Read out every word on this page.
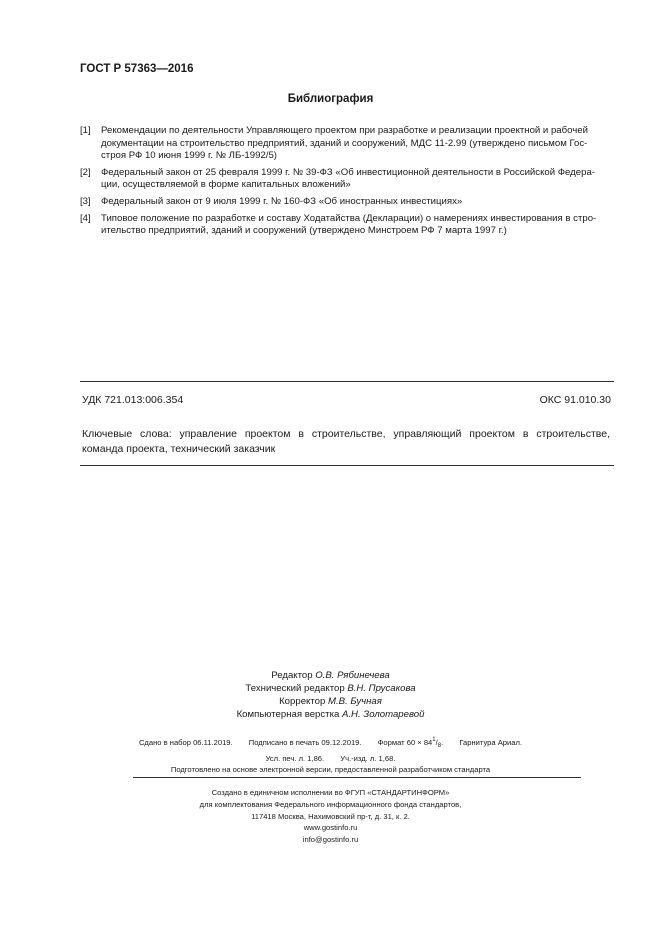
ГОСТ Р 57363—2016
Библиография
[1]	Рекомендации по деятельности Управляющего проектом при разработке и реализации проектной и рабочей
документации на строительство предприятий, зданий и сооружений, МДС 11-2.99 (утверждено письмом Гос-
строя РФ 10 июня 1999 г. № ЛБ-1992/5)
[2]	Федеральный закон от 25 февраля 1999 г. № 39-ФЗ «Об инвестиционной деятельности в Российской Федера-
ции, осуществляемой в форме капитальных вложений»
[3]	Федеральный закон от 9 июля 1999 г. № 160-ФЗ «Об иностранных инвестициях»
[4]	Типовое положение по разработке и составу Ходатайства (Декларации) о намерениях инвестирования в стро-
ительство предприятий, зданий и сооружений (утверждено Минстроем РФ 7 марта 1997 г.)
УДК 721.013:006.354	ОКС 91.010.30
Ключевые слова: управление проектом в строительстве, управляющий проектом в строительстве,
команда проекта, технический заказчик
Редактор О.В. Рябинечева
Технический редактор В.Н. Прусакова
Корректор М.В. Бучная
Компьютерная верстка А.Н. Золотаревой
Сдано в набор 06.11.2019. Подписано в печать 09.12.2019. Формат $60 \times 84^1/_8$. Гарнитура Ариал.
Усл. печ. л. 1,86. Уч.-изд. л. 1,68.
Подготовлено на основе электронной версии, предоставленной разработчиком стандарта
Создано в единичном исполнении во ФГУП «СТАНДАРТИНФОРМ»
для комплектования Федерального информационного фонда стандартов,
117418 Москва, Нахимовский пр-т, д. 31, к. 2.
www.gostinfo.ru
info@gostinfo.ru
